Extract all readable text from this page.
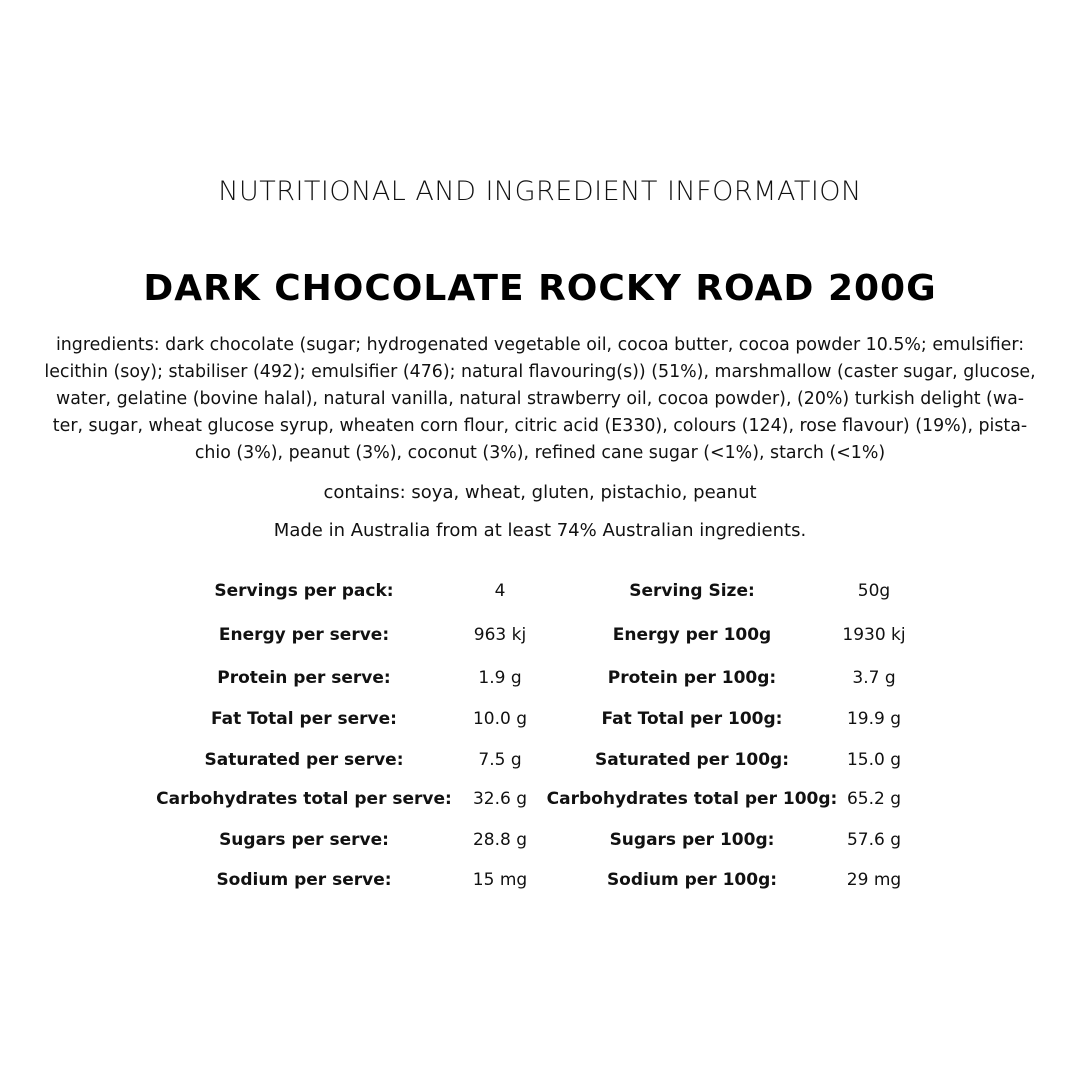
NUTRITIONAL AND INGREDIENT INFORMATION
DARK CHOCOLATE ROCKY ROAD 200G
ingredients: dark chocolate (sugar; hydrogenated vegetable oil, cocoa butter, cocoa powder 10.5%; emulsifier:
lecithin (soy); stabiliser (492); emulsifier (476); natural flavouring(s)) (51%), marshmallow (caster sugar, glucose,
water, gelatine (bovine halal), natural vanilla, natural strawberry oil, cocoa powder), (20%) turkish delight (wa-
ter, sugar, wheat glucose syrup, wheaten corn flour, citric acid (E330), colours (124), rose flavour) (19%), pista-
chio (3%), peanut (3%), coconut (3%), refined cane sugar (<1%), starch (<1%)
contains: soya, wheat, gluten, pistachio, peanut
Made in Australia from at least 74% Australian ingredients.
Servings per pack:	4	Serving Size:	50g
Energy per serve:	963 kj	Energy per 100g	1930 kj
Protein per serve:	1.9 g	Protein per 100g:	3.7 g
Fat Total per serve:	10.0 g	Fat Total per 100g:	19.9 g
Saturated per serve:	7.5 g	Saturated per 100g:	15.0 g
Carbohydrates total per serve:	32.6 g	Carbohydrates total per 100g: 65.2 g
Sugars per serve:	28.8 g	Sugars per 100g:	57.6 g
Sodium per serve:	15 mg	Sodium per 100g:	29 mg
